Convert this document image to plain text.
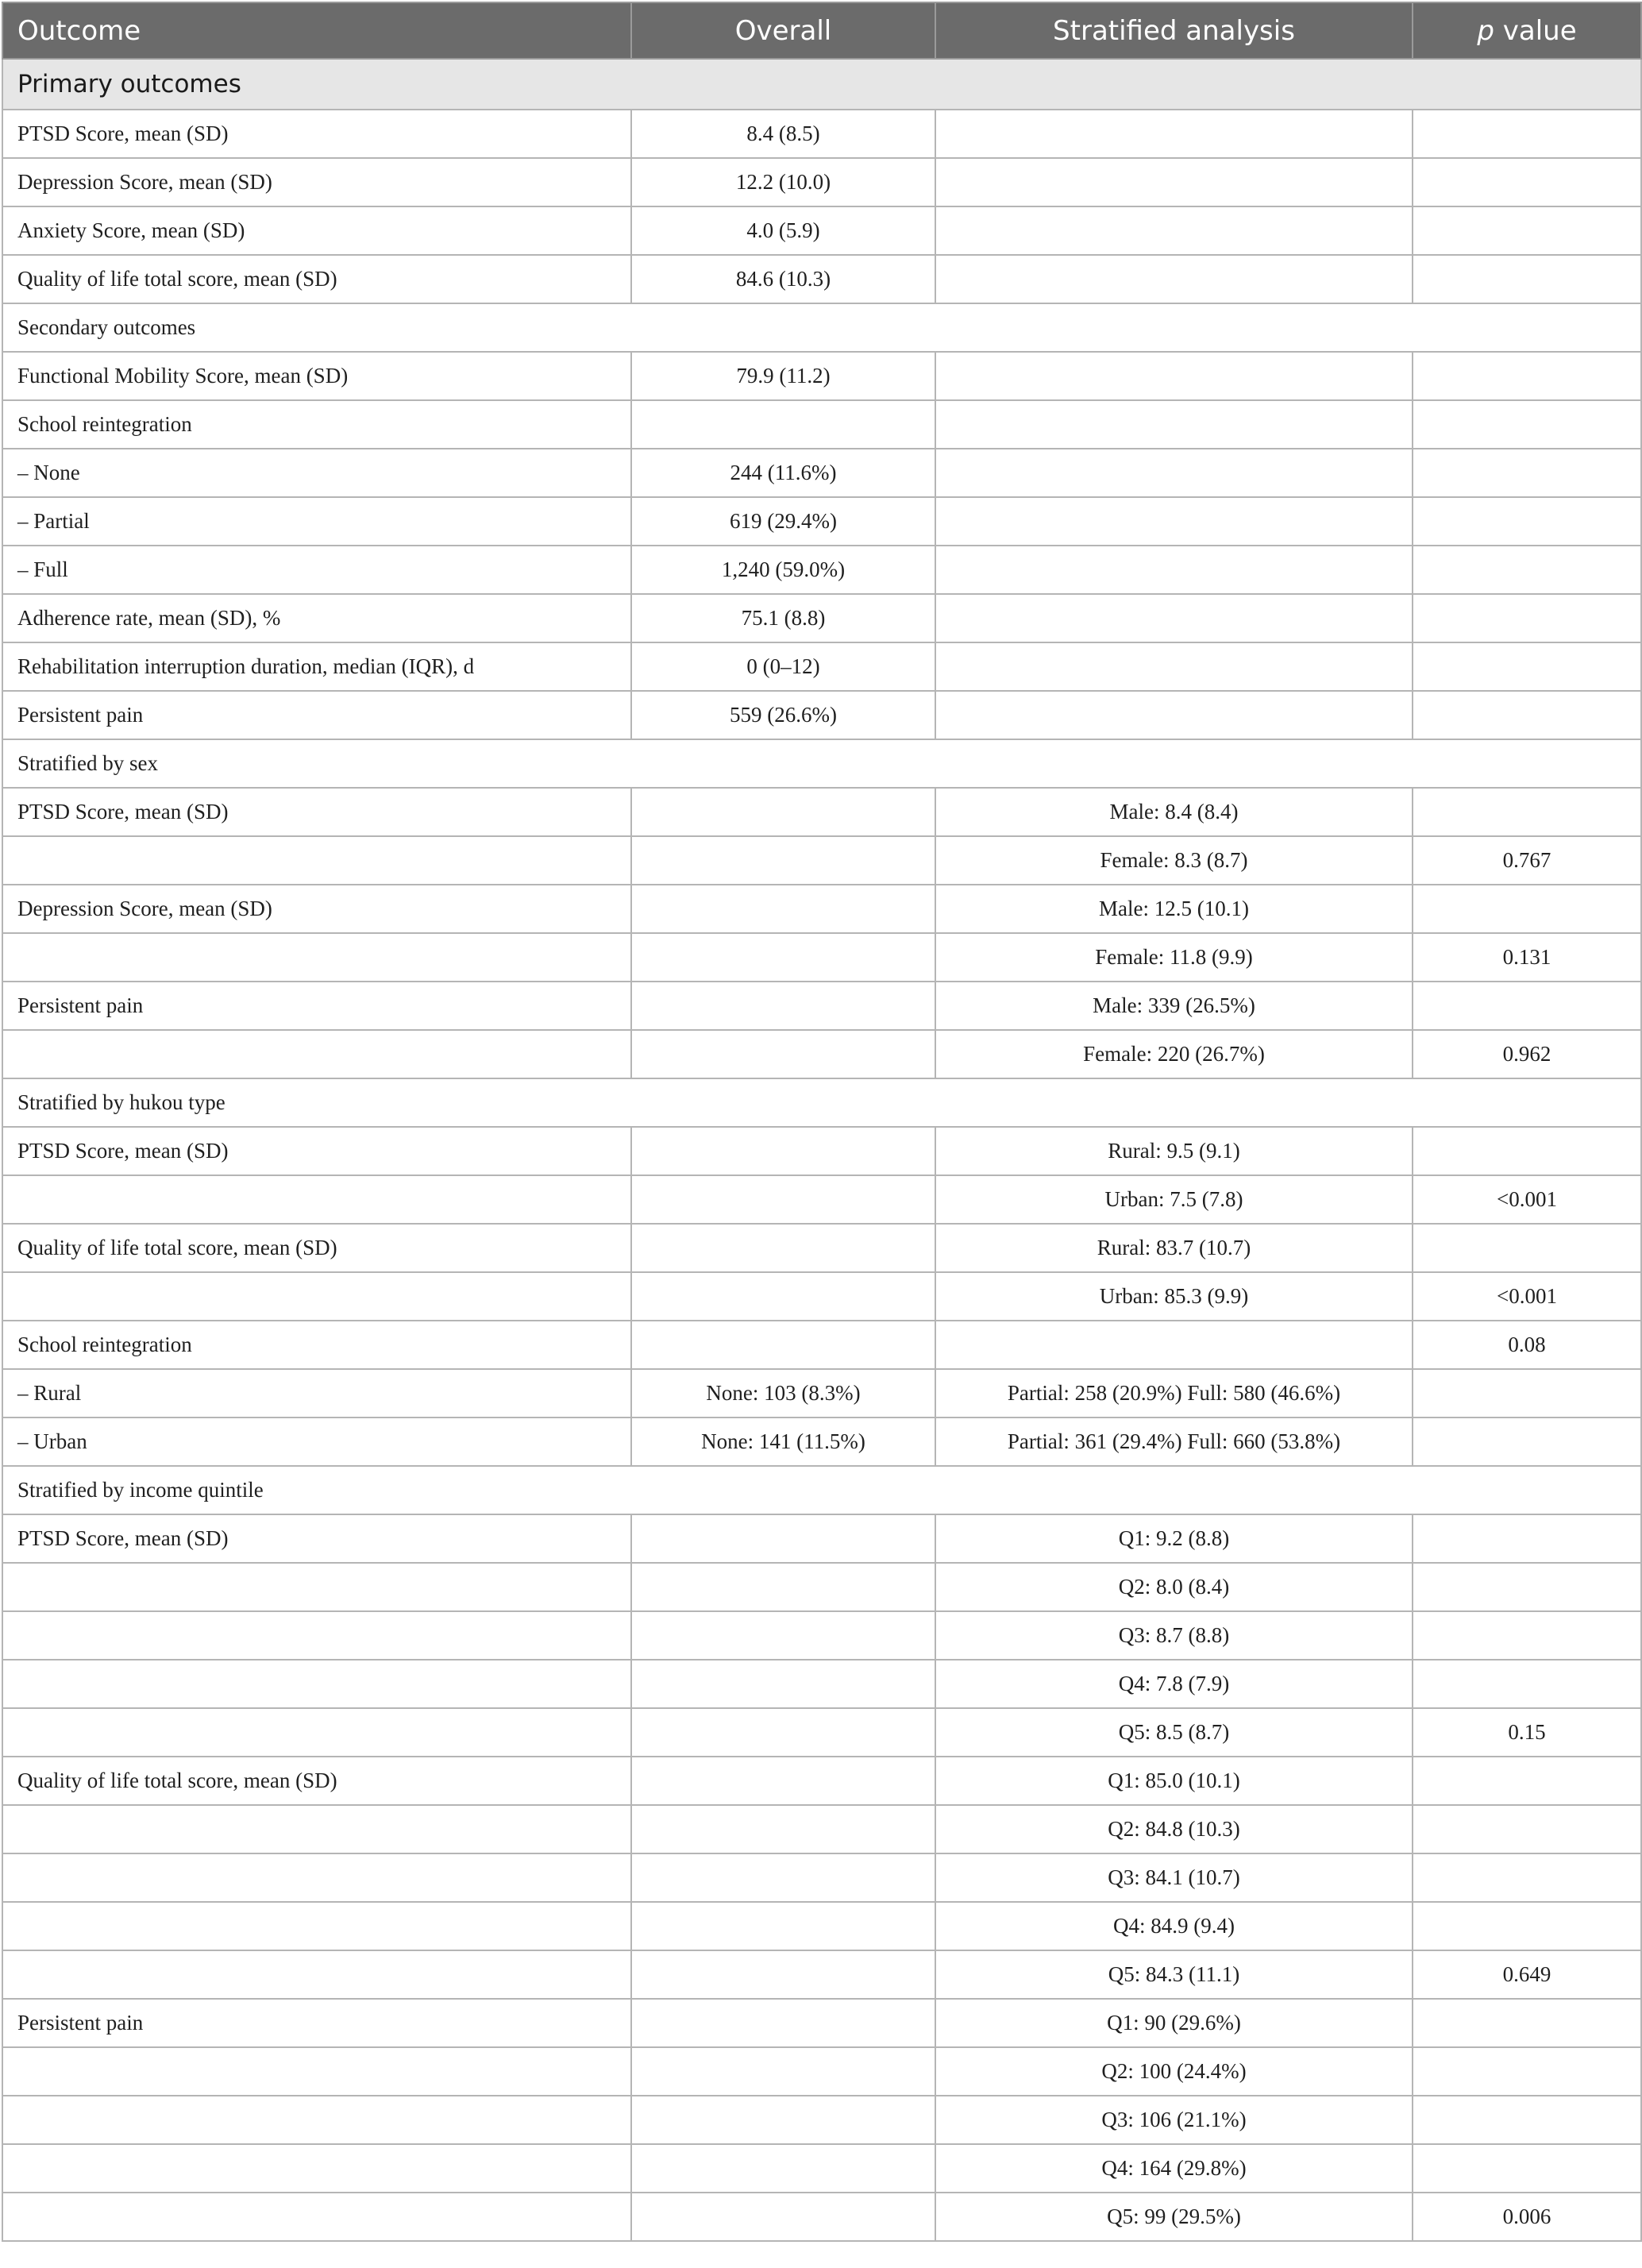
Outcome	Overall	Stratified analysis	p value
Primary outcomes			
PTSD Score, mean (SD)	8.4 (8.5)		
Depression Score, mean (SD)	12.2 (10.0)		
Anxiety Score, mean (SD)	4.0 (5.9)		
Quality of life total score, mean (SD)	84.6 (10.3)		
Secondary outcomes			
Functional Mobility Score, mean (SD)	79.9 (11.2)		
School reintegration			
– None	244 (11.6%)		
– Partial	619 (29.4%)		
– Full	1,240 (59.0%)		
Adherence rate, mean (SD), %	75.1 (8.8)		
Rehabilitation interruption duration, median (IQR), d	0 (0–12)		
Persistent pain	559 (26.6%)		
Stratified by sex			
PTSD Score, mean (SD)		Male: 8.4 (8.4)	
		Female: 8.3 (8.7)	0.767
Depression Score, mean (SD)		Male: 12.5 (10.1)	
		Female: 11.8 (9.9)	0.131
Persistent pain		Male: 339 (26.5%)	
		Female: 220 (26.7%)	0.962
Stratified by hukou type			
PTSD Score, mean (SD)		Rural: 9.5 (9.1)	
		Urban: 7.5 (7.8)	<0.001
Quality of life total score, mean (SD)		Rural: 83.7 (10.7)	
		Urban: 85.3 (9.9)	<0.001
School reintegration			0.08
– Rural	None: 103 (8.3%)	Partial: 258 (20.9%) Full: 580 (46.6%)	
– Urban	None: 141 (11.5%)	Partial: 361 (29.4%) Full: 660 (53.8%)	
Stratified by income quintile			
PTSD Score, mean (SD)		Q1: 9.2 (8.8)	
		Q2: 8.0 (8.4)	
		Q3: 8.7 (8.8)	
		Q4: 7.8 (7.9)	
		Q5: 8.5 (8.7)	0.15
Quality of life total score, mean (SD)		Q1: 85.0 (10.1)	
		Q2: 84.8 (10.3)	
		Q3: 84.1 (10.7)	
		Q4: 84.9 (9.4)	
		Q5: 84.3 (11.1)	0.649
Persistent pain		Q1: 90 (29.6%)	
		Q2: 100 (24.4%)	
		Q3: 106 (21.1%)	
		Q4: 164 (29.8%)	
		Q5: 99 (29.5%)	0.006
